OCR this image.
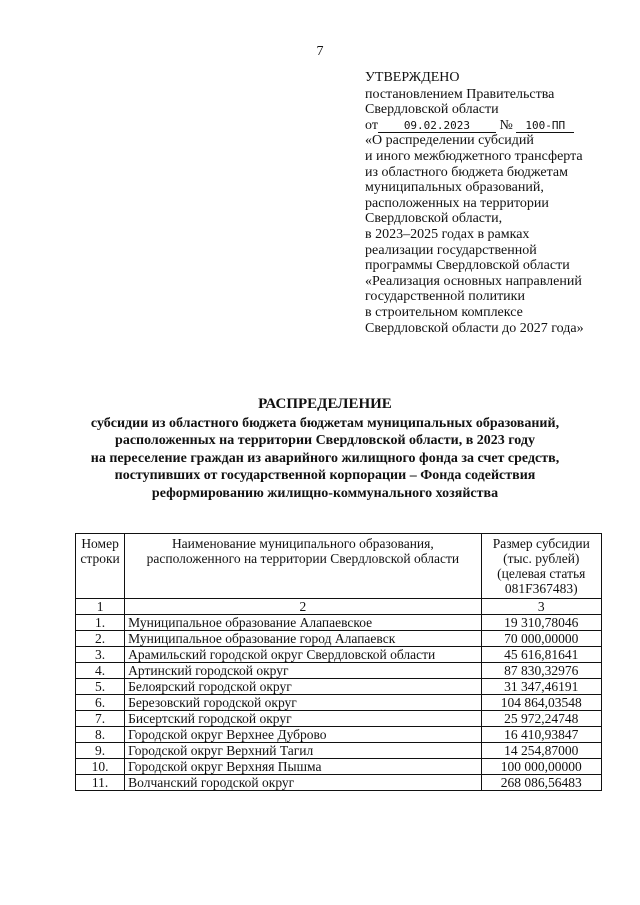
7
УТВЕРЖДЕНО
постановлением Правительства
Свердловской области
от 09.02.2023 № 100-ПП
«О распределении субсидий
и иного межбюджетного трансферта
из областного бюджета бюджетам
муниципальных образований,
расположенных на территории
Свердловской области,
в 2023–2025 годах в рамках
реализации государственной
программы Свердловской области
«Реализация основных направлений
государственной политики
в строительном комплексе
Свердловской области до 2027 года»
РАСПРЕДЕЛЕНИЕ
субсидии из областного бюджета бюджетам муниципальных образований,
расположенных на территории Свердловской области, в 2023 году
на переселение граждан из аварийного жилищного фонда за счет средств,
поступивших от государственной корпорации – Фонда содействия
реформированию жилищно-коммунального хозяйства
Номер строки	Наименование муниципального образования, расположенного на территории Свердловской области	Размер субсидии (тыс. рублей) (целевая статья 081F367483)
1	2	3
1.	Муниципальное образование Алапаевское	19 310,78046
2.	Муниципальное образование город Алапаевск	70 000,00000
3.	Арамильский городской округ Свердловской области	45 616,81641
4.	Артинский городской округ	87 830,32976
5.	Белоярский городской округ	31 347,46191
6.	Березовский городской округ	104 864,03548
7.	Бисертский городской округ	25 972,24748
8.	Городской округ Верхнее Дуброво	16 410,93847
9.	Городской округ Верхний Тагил	14 254,87000
10.	Городской округ Верхняя Пышма	100 000,00000
11.	Волчанский городской округ	268 086,56483
